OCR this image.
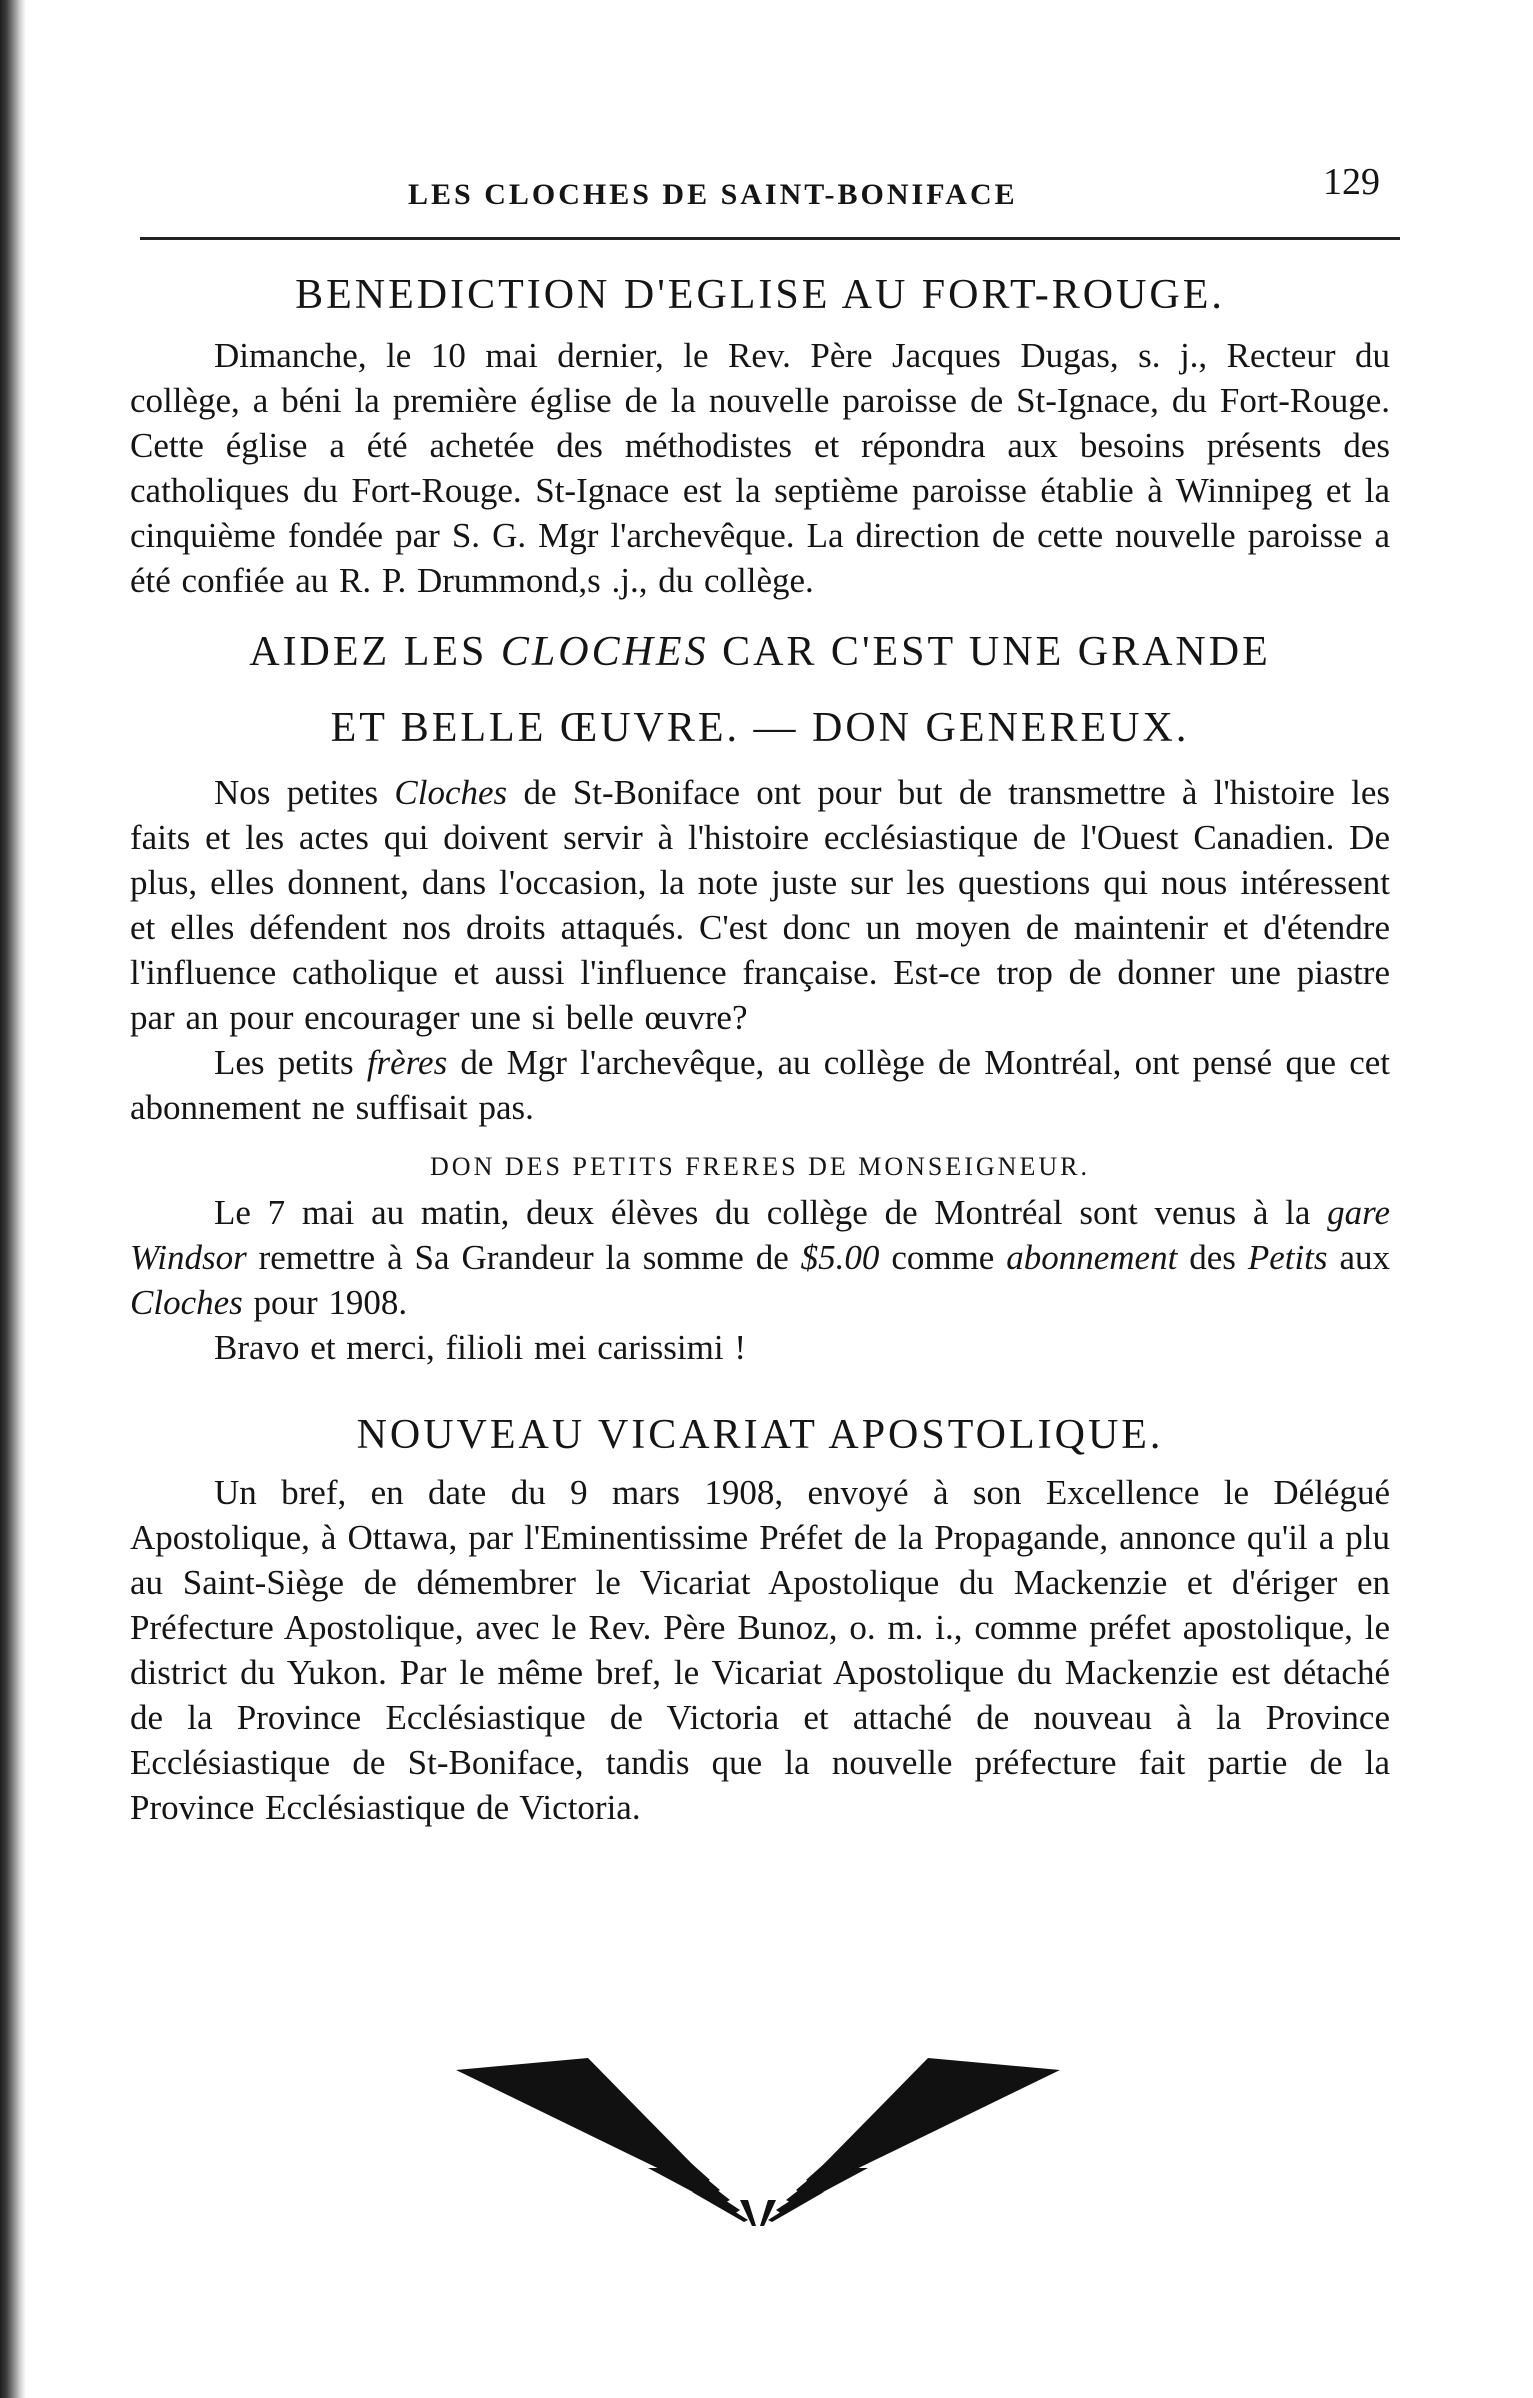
LES CLOCHES DE SAINT-BONIFACE	129
BENEDICTION D'EGLISE AU FORT-ROUGE.

Dimanche, le 10 mai dernier, le Rev. Père Jacques Dugas, s. j., Recteur du collège, a béni la première église de la nouvelle paroisse de St-Ignace, du Fort-Rouge. Cette église a été achetée des méthodistes et répondra aux besoins présents des catholiques du Fort-Rouge. St-Ignace est la septième paroisse établie à Winnipeg et la cinquième fondée par S. G. Mgr l'archevêque. La direction de cette nouvelle paroisse a été confiée au R. P. Drummond,s .j., du collège.

AIDEZ LES CLOCHES CAR C'EST UNE GRANDE
ET BELLE ŒUVRE. — DON GENEREUX.

Nos petites Cloches de St-Boniface ont pour but de transmettre à l'histoire les faits et les actes qui doivent servir à l'histoire ecclésiastique de l'Ouest Canadien. De plus, elles donnent, dans l'occasion, la note juste sur les questions qui nous intéressent et elles défendent nos droits attaqués. C'est donc un moyen de maintenir et d'étendre l'influence catholique et aussi l'influence française. Est-ce trop de donner une piastre par an pour encourager une si belle œuvre?

Les petits frères de Mgr l'archevêque, au collège de Montréal, ont pensé que cet abonnement ne suffisait pas.

DON DES PETITS FRERES DE MONSEIGNEUR.

Le 7 mai au matin, deux élèves du collège de Montréal sont venus à la gare Windsor remettre à Sa Grandeur la somme de $5.00 comme abonnement des Petits aux Cloches pour 1908.

Bravo et merci, filioli mei carissimi !

NOUVEAU VICARIAT APOSTOLIQUE.

Un bref, en date du 9 mars 1908, envoyé à son Excellence le Délégué Apostolique, à Ottawa, par l'Eminentissime Préfet de la Propagande, annonce qu'il a plu au Saint-Siège de démembrer le Vicariat Apostolique du Mackenzie et d'ériger en Préfecture Apostolique, avec le Rev. Père Bunoz, o. m. i., comme préfet apostolique, le district du Yukon. Par le même bref, le Vicariat Apostolique du Mackenzie est détaché de la Province Ecclésiastique de Victoria et attaché de nouveau à la Province Ecclésiastique de St-Boniface, tandis que la nouvelle préfecture fait partie de la Province Ecclésiastique de Victoria.
